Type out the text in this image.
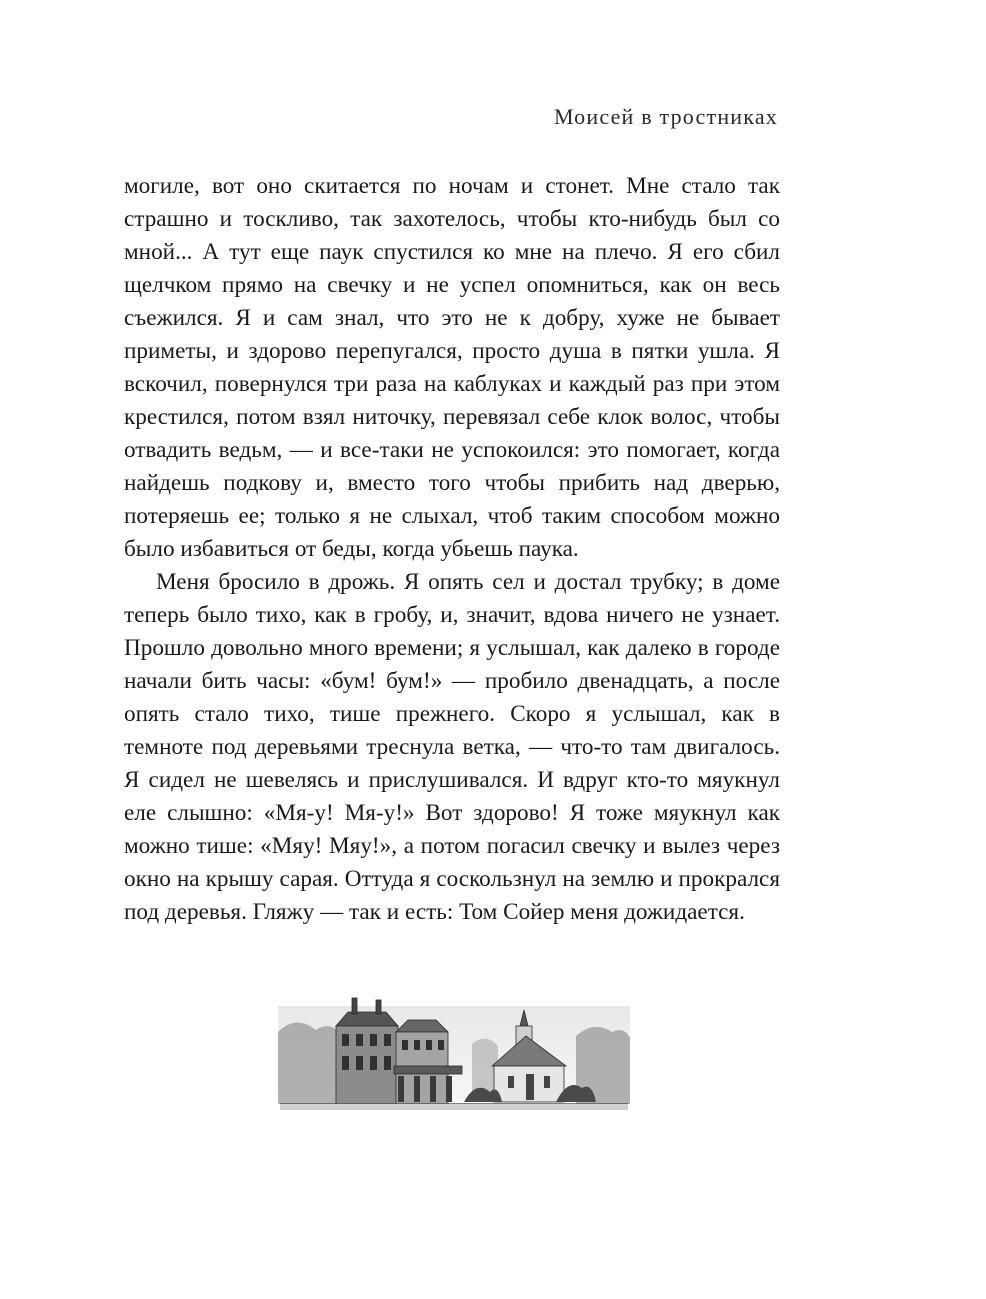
Моисей в тростниках

могиле, вот оно скитается по ночам и стонет. Мне стало так страшно и тоскливо, так захотелось, чтобы кто-нибудь был со мной... А тут еще паук спустился ко мне на плечо. Я его сбил щелчком прямо на свечку и не успел опомниться, как он весь съежился. Я и сам знал, что это не к добру, хуже не бывает приметы, и здорово перепугался, просто душа в пятки ушла. Я вскочил, повернулся три раза на каблуках и каждый раз при этом крестился, потом взял ниточку, перевязал себе клок волос, чтобы отвадить ведьм, — и все-таки не успокоился: это помогает, когда найдешь подкову и, вместо того чтобы прибить над дверью, потеряешь ее; только я не слыхал, чтоб таким способом можно было избавиться от беды, когда убьешь паука.

Меня бросило в дрожь. Я опять сел и достал трубку; в доме теперь было тихо, как в гробу, и, значит, вдова ничего не узнает. Прошло довольно много времени; я услышал, как далеко в городе начали бить часы: «бум! бум!» — пробило двенадцать, а после опять стало тихо, тише прежнего. Скоро я услышал, как в темноте под деревьями треснула ветка, — что-то там двигалось. Я сидел не шевелясь и прислушивался. И вдруг кто-то мяукнул еле слышно: «Мя-у! Мя-у!» Вот здорово! Я тоже мяукнул как можно тише: «Мяу! Мяу!», а потом погасил свечку и вылез через окно на крышу сарая. Оттуда я соскользнул на землю и прокрался под деревья. Гляжу — так и есть: Том Сойер меня дожидается.
